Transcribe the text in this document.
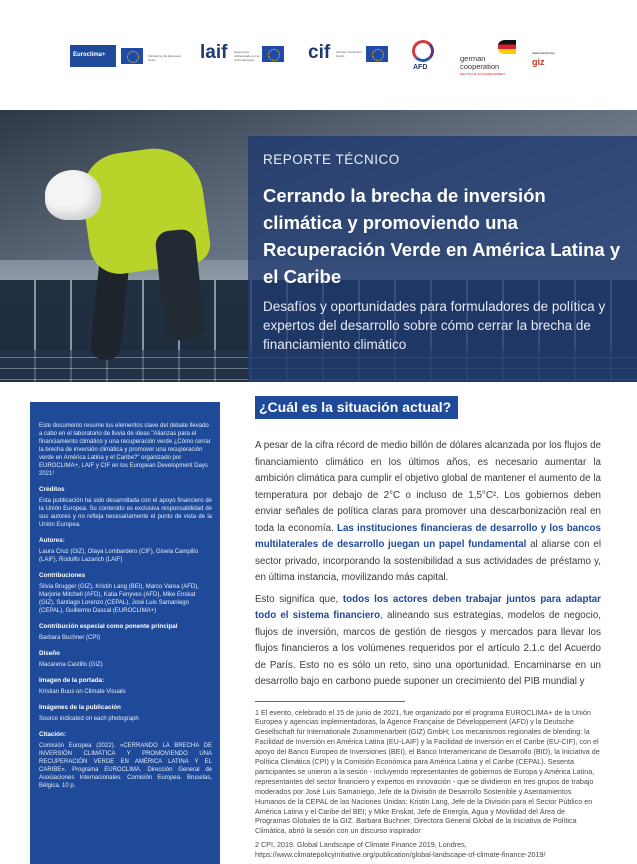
Euroclima+	Funded by the European Union	laif Documento cofinanciado por la Unión Europea	cif Climate Investment Funds
AFD
german cooperation
DEUTSCHE ZUSAMMENARBEIT
Implemented by
giz
REPORTE TÉCNICO
Cerrando la brecha de inversión climática y promoviendo una Recuperación Verde en América Latina y el Caribe
Desafíos y oportunidades para formuladores de política y expertos del desarrollo sobre cómo cerrar la brecha de financiamiento climático

Este documento resume los elementos clave del debate llevado a cabo en el laboratorio de lluvia de ideas "Alianzas para el financiamiento climático y una recuperación verde ¿Cómo cerrar la brecha de inversión climática y promover una recuperación verde en América Latina y el Caribe?" organizado por EUROCLIMA+, LAIF y CIF en los European Development Days 2021¹

Créditos

Esta publicación ha sido desarrollada con el apoyo financiero de la Unión Europea. Su contenido es exclusiva responsabilidad de sus autores y no refleja necesariamente el punto de vista de la Unión Europea.

Autores:

Laura Cruz (GIZ), Olaya Lombardero (CIF), Gisela Campillo (LAIF), Rodolfo Lazarich (LAIF)

Contribuciones

Silvia Brugger (GIZ), Kristin Lang (BEI), Marco Varea (AFD), Marjorie Mitchell (AFD), Katia Fenyves (AFD), Mike Enskat (GIZ), Santiago Lorenzo (CEPAL), José Luis Samaniego (CEPAL), Guillermo Dascal (EUROCLIMA+)

Contribución especial como ponente principal

Barbara Buchner (CPI)

Diseño

Macarena Castillo (GIZ)

Imagen de la portada:

Kristian Buus on Climate Visuals

Imágenes de la publicación

Source indicated on each photograph

Citación:

Comisión Europea (2022). «CERRANDO LA BRECHA DE INVERSIÓN CLIMÁTICA Y PROMOVIENDO UNA RECUPERACIÓN VERDE EN AMÉRICA LATINA Y EL CARIBE». Programa EUROCLIMA. Dirección General de Asociaciones Internacionales. Comisión Europea. Bruselas, Bélgica. 10 p.

¿Cuál es la situación actual?

A pesar de la cifra récord de medio billón de dólares alcanzada por los flujos de financiamiento climático en los últimos años, es necesario aumentar la ambición climática para cumplir el objetivo global de mantener el aumento de la temperatura por debajo de 2°C o incluso de 1,5°C². Los gobiernos deben enviar señales de política claras para promover una descarbonización real en toda la economía. Las instituciones financieras de desarrollo y los bancos multilaterales de desarrollo juegan un papel fundamental al aliarse con el sector privado, incorporando la sostenibilidad a sus actividades de préstamo y, en última instancia, movilizando más capital.

Esto significa que, todos los actores deben trabajar juntos para adaptar todo el sistema financiero, alineando sus estrategias, modelos de negocio, flujos de inversión, marcos de gestión de riesgos y mercados para llevar los flujos financieros a los volúmenes requeridos por el artículo 2.1.c del Acuerdo de París. Esto no es sólo un reto, sino una oportunidad. Encaminarse en un desarrollo bajo en carbono puede suponer un crecimiento del PIB mundial y

1 El evento, celebrado el 15 de junio de 2021, fue organizado por el programa EUROCLIMA+ de la Unión Europea y agencias implementadoras, la Agence Française de Développement (AFD) y la Deutsche Gesellschaft für Internationale Zusammenarbeit (GIZ) GmbH; Los mecanismos regionales de blending: la Facilidad de Inversión en América Latina (EU-LAIF) y la Facilidad de Inversión en el Caribe (EU-CIF), con el apoyo del Banco Europeo de Inversiones (BEI), el Banco Interamericano de Desarrollo (BID), la Iniciativa de Política Climática (CPI) y la Comisión Económica para América Latina y el Caribe (CEPAL). Sesenta participantes se unieron a la sesión - incluyendo representantes de gobiernos de Europa y América Latina, representantes del sector financiero y expertos en innovación - que se dividieron en tres grupos de trabajo moderados por José Luis Samaniego, Jefe de la División de Desarrollo Sostenible y Asentamientos Humanos de la CEPAL de las Naciones Unidas; Kristin Lang, Jefe de la División para el Sector Público en América Latina y el Caribe del BEI; y Mike Enskat, Jefe de Energía, Agua y Movilidad del Área de Programas Globales de la GIZ. Barbara Buchner, Directora General Global de la Iniciativa de Política Climática, abrió la sesión con un discurso inspirador

2 CPI, 2019. Global Landscape of Climate Finance 2019, Londres, https://www.climatepolicyinitiative.org/publication/global-landscape-of-climate-finance-2019/
